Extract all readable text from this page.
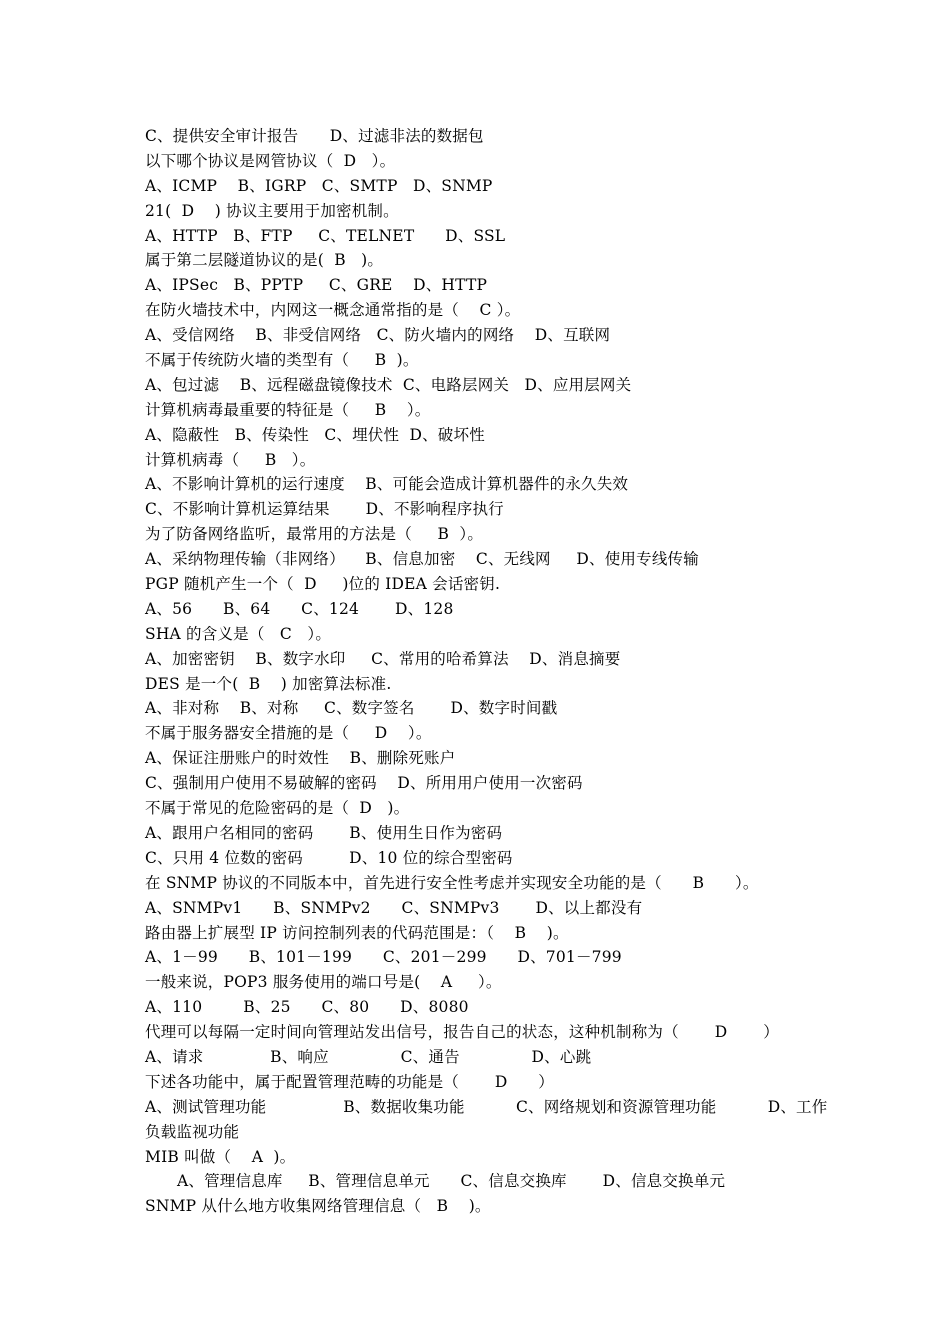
C、提供安全审计报告　　D、过滤非法的数据包
以下哪个协议是网管协议（  D   ）。
A、ICMP    B、IGRP   C、SMTP   D、SNMP
21(  D    ) 协议主要用于加密机制。
A、HTTP   B、FTP     C、TELNET      D、SSL
属于第二层隧道协议的是(  B   )。
A、IPSec   B、PPTP     C、GRE    D、HTTP
在防火墙技术中，内网这一概念通常指的是（    C ）。
A、受信网络    B、非受信网络   C、防火墙内的网络    D、互联网
不属于传统防火墙的类型有（     B  )。
A、包过滤    B、远程磁盘镜像技术  C、电路层网关   D、应用层网关
计算机病毒最重要的特征是（     B    ）。
A、隐蔽性   B、传染性   C、埋伏性  D、破坏性
计算机病毒（     B   ）。
A、不影响计算机的运行速度    B、可能会造成计算机器件的永久失效
C、不影响计算机运算结果       D、不影响程序执行
为了防备网络监听，最常用的方法是（     B  ）。
A、采纳物理传输（非网络）    B、信息加密    C、无线网     D、使用专线传输
PGP 随机产生一个（  D     )位的 IDEA 会话密钥.
A、56      B、64      C、124       D、128
SHA 的含义是（   C   ）。
A、加密密钥    B、数字水印     C、常用的哈希算法    D、消息摘要
DES 是一个(  B    ) 加密算法标准.
A、非对称    B、对称     C、数字签名       D、数字时间戳
不属于服务器安全措施的是（     D    ）。
A、保证注册账户的时效性    B、删除死账户
C、强制用户使用不易破解的密码    D、所用用户使用一次密码
不属于常见的危险密码的是（  D   )。
A、跟用户名相同的密码       B、使用生日作为密码
C、只用 4 位数的密码         D、10 位的综合型密码
在 SNMP 协议的不同版本中，首先进行安全性考虑并实现安全功能的是（      B      ）。
A、SNMPv1      B、SNMPv2      C、SNMPv3       D、以上都没有
路由器上扩展型 IP 访问控制列表的代码范围是：（    B    )。
A、1－99      B、101－199      C、201－299      D、701－799
一般来说，POP3 服务使用的端口号是(    A     ）。
A、110        B、25      C、80      D、8080
代理可以每隔一定时间向管理站发出信号，报告自己的状态，这种机制称为（       D       ）
A、请求             B、响应              C、通告              D、心跳
下述各功能中，属于配置管理范畴的功能是（       D      ）
A、测试管理功能               B、数据收集功能          C、网络规划和资源管理功能          D、工作
负载监视功能
MIB 叫做（    A  )。
A、管理信息库     B、管理信息单元      C、信息交换库       D、信息交换单元
SNMP 从什么地方收集网络管理信息（   B    )。
